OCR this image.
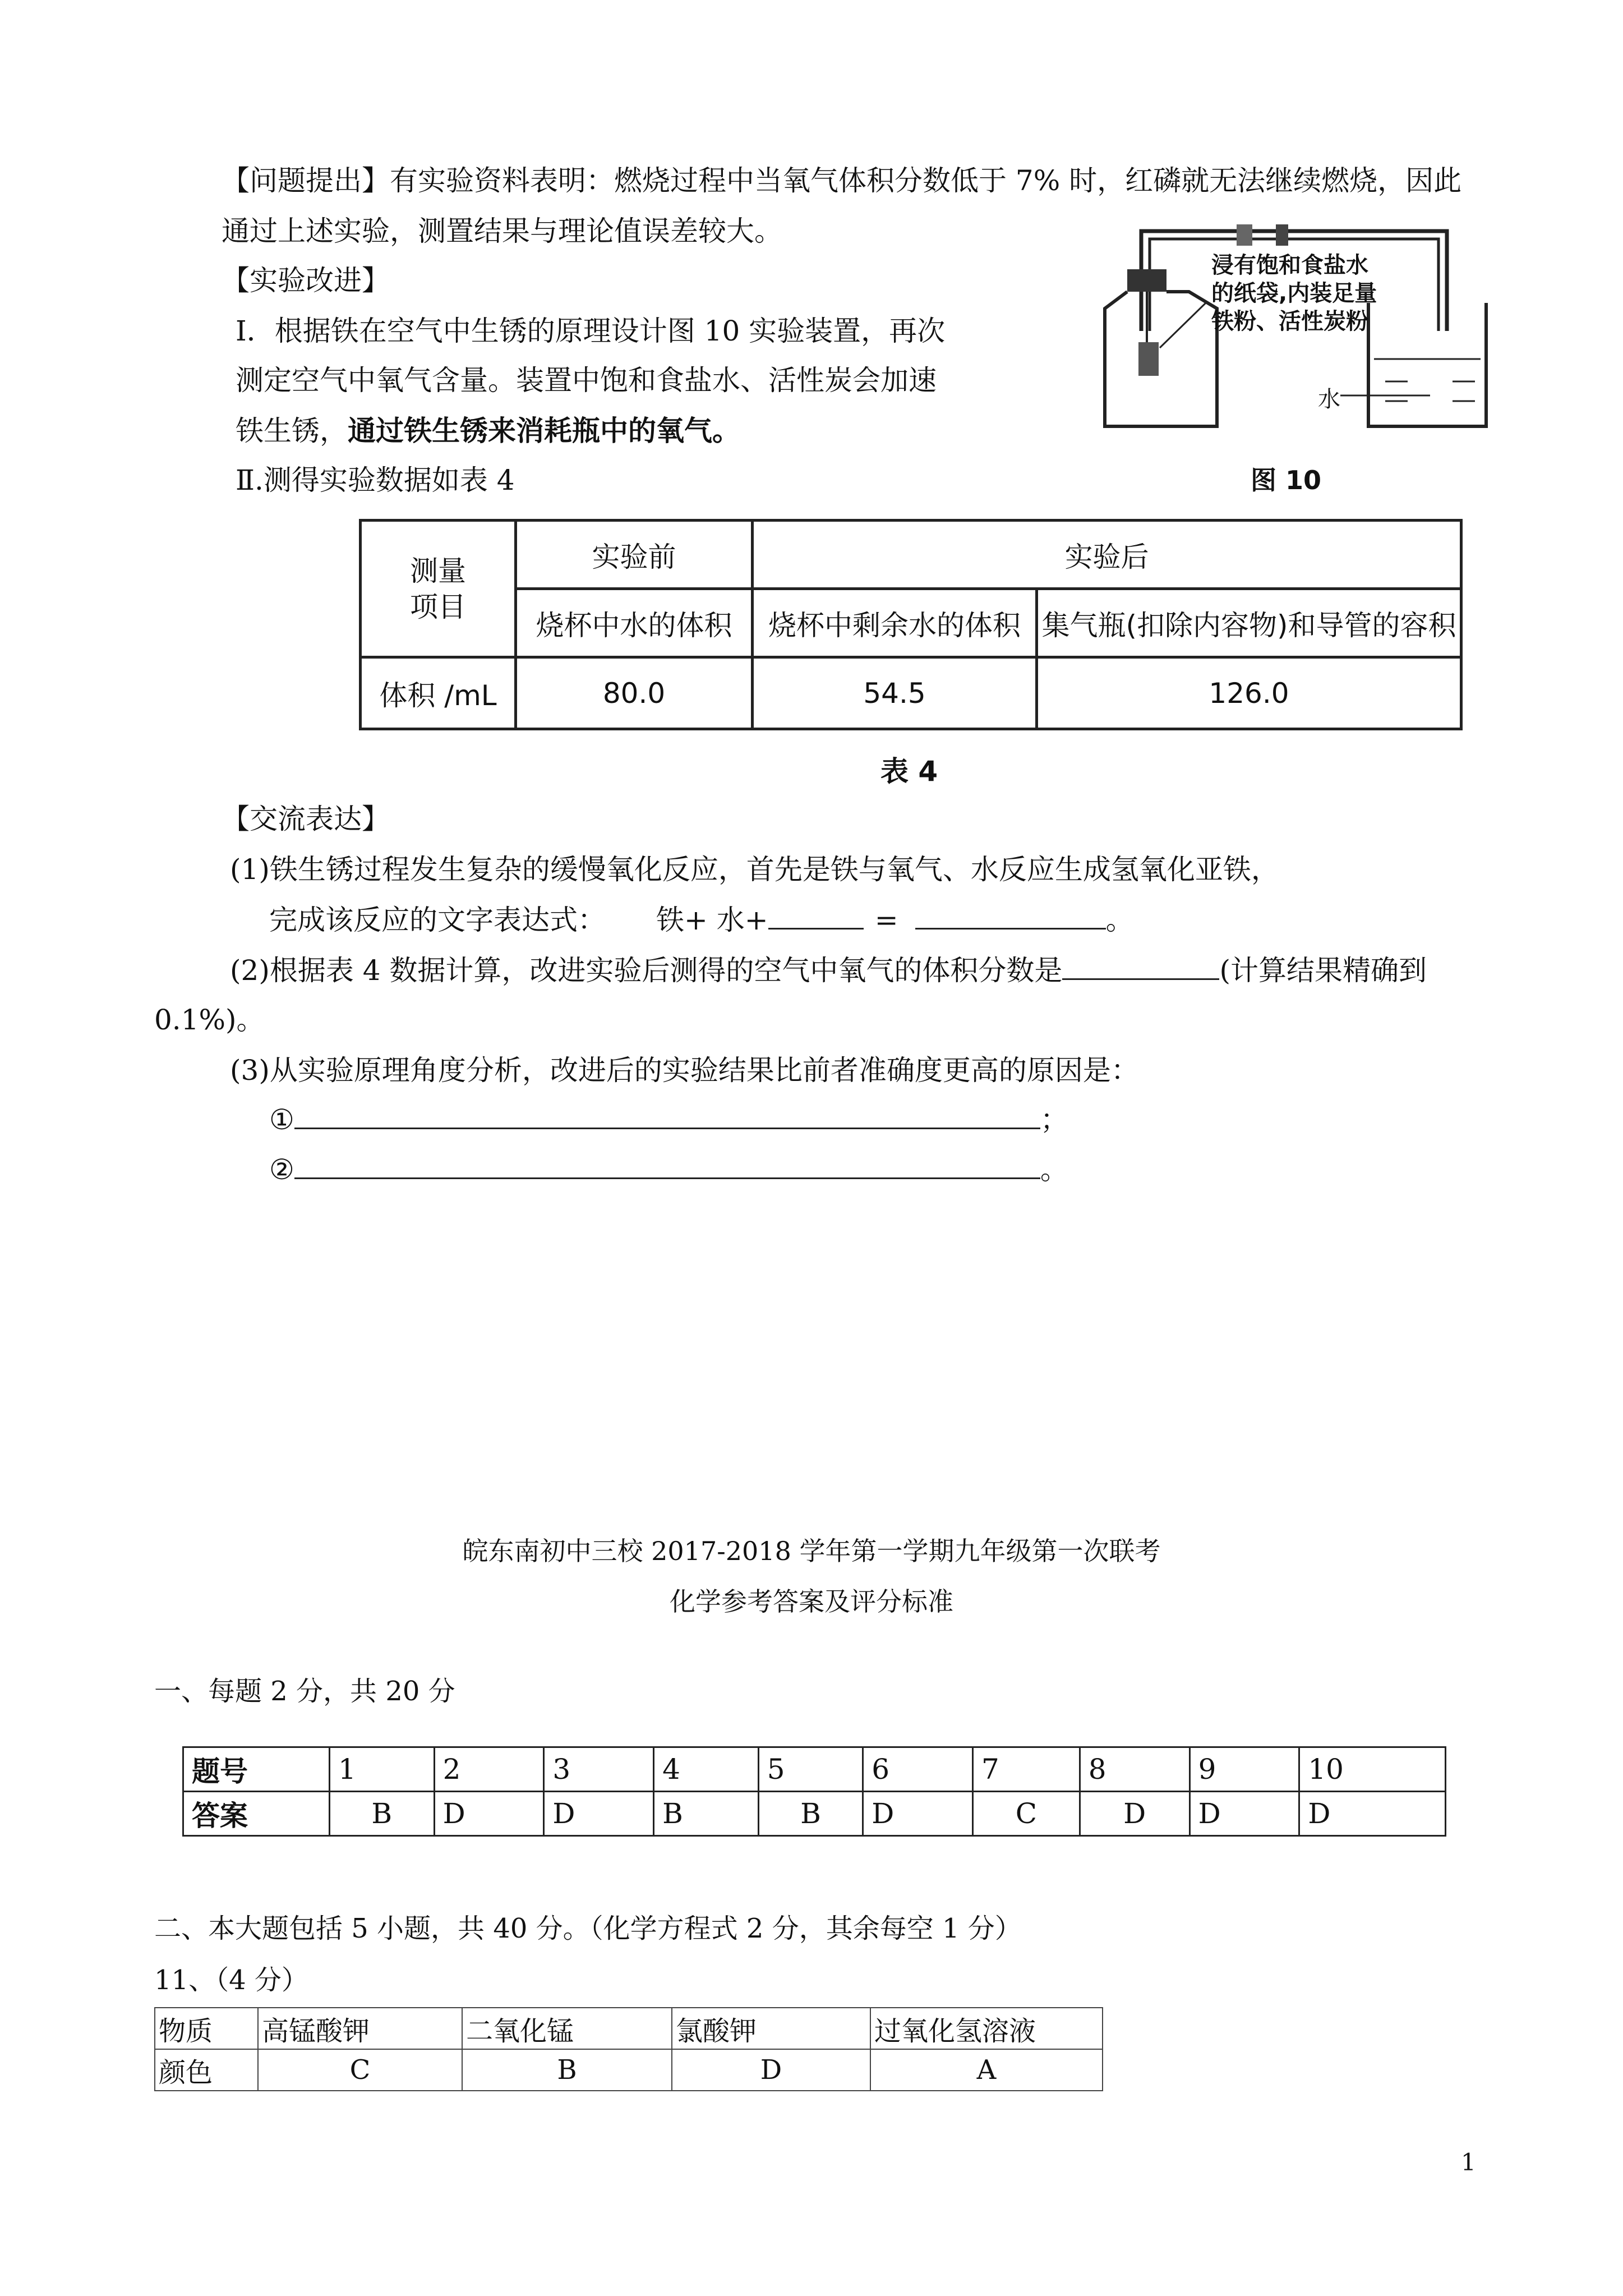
【问题提出】有实验资料表明：燃烧过程中当氧气体积分数低于 7% 时，红磷就无法继续燃烧，因此
通过上述实验，测置结果与理论值误差较大。
【实验改进】
Ⅰ．根据铁在空气中生锈的原理设计图 10 实验装置，再次
测定空气中氧气含量。装置中饱和食盐水、活性炭会加速
铁生锈，通过铁生锈来消耗瓶中的氧气。
Ⅱ.测得实验数据如表 4
浸有饱和食盐水
的纸袋,内装足量
铁粉、活性炭粉
水
图 10
测量
项目	实验前	实验后	
	烧杯中水的体积	烧杯中剩余水的体积	集气瓶(扣除内容物)和导管的容积
体积 /mL	80.0	54.5	126.0
表 4
【交流表达】
(1)铁生锈过程发生复杂的缓慢氧化反应，首先是铁与氧气、水反应生成氢氧化亚铁，
完成该反应的文字表达式： 铁+ 水+	=	。
(2)根据表 4 数据计算，改进实验后测得的空气中氧气的体积分数是	(计算结果精确到
0.1%)。
(3)从实验原理角度分析，改进后的实验结果比前者准确度更高的原因是：
①	；
②	。
皖东南初中三校 2017-2018 学年第一学期九年级第一次联考
化学参考答案及评分标准
一、每题 2 分，共 20 分
题号	1	2	3	4	5	6	7	8	9	10
答案	B	D	D	B	B	D	C	D	D	D
二、本大题包括 5 小题，共 40 分。（化学方程式 2 分，其余每空 1 分）
11、（4 分）
物质	高锰酸钾	二氧化锰	氯酸钾	过氧化氢溶液
颜色	C	B	D	A
1
